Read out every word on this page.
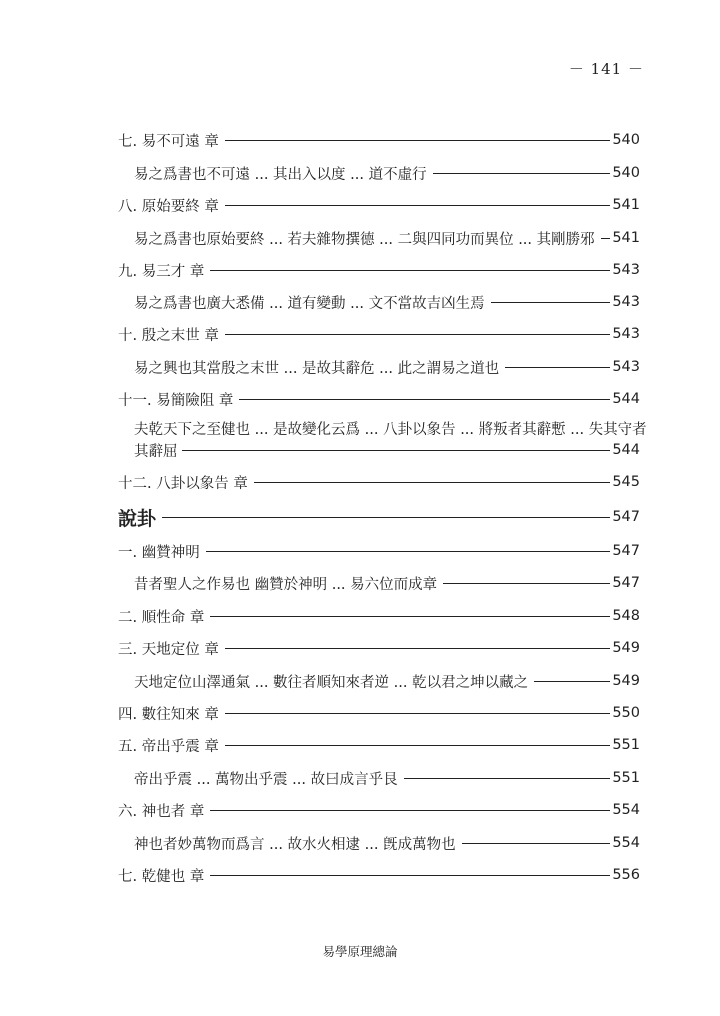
－ 141 －
七. 易不可遠 章	540
易之爲書也不可遠 ... 其出入以度 ... 道不虛行	540
八. 原始要終 章	541
易之爲書也原始要終 ... 若夫雜物撰德 ... 二與四同功而異位 ... 其剛勝邪	541
九. 易三才 章	543
易之爲書也廣大悉備 ... 道有變動 ... 文不當故吉凶生焉	543
十. 殷之末世 章	543
易之興也其當殷之末世 ... 是故其辭危 ... 此之謂易之道也	543
十一. 易簡險阻 章	544
夫乾天下之至健也 ... 是故變化云爲 ... 八卦以象告 ... 將叛者其辭慙 ... 失其守者
其辭屈	544
十二. 八卦以象告 章	545
說卦	547
一. 幽贊神明	547
昔者聖人之作易也 幽贊於神明 ... 易六位而成章	547
二. 順性命 章	548
三. 天地定位 章	549
天地定位山澤通氣 ... 數往者順知來者逆 ... 乾以君之坤以藏之	549
四. 數往知來 章	550
五. 帝出乎震 章	551
帝出乎震 ... 萬物出乎震 ... 故曰成言乎艮	551
六. 神也者 章	554
神也者妙萬物而爲言 ... 故水火相逮 ... 旣成萬物也	554
七. 乾健也 章	556
易學原理總論
